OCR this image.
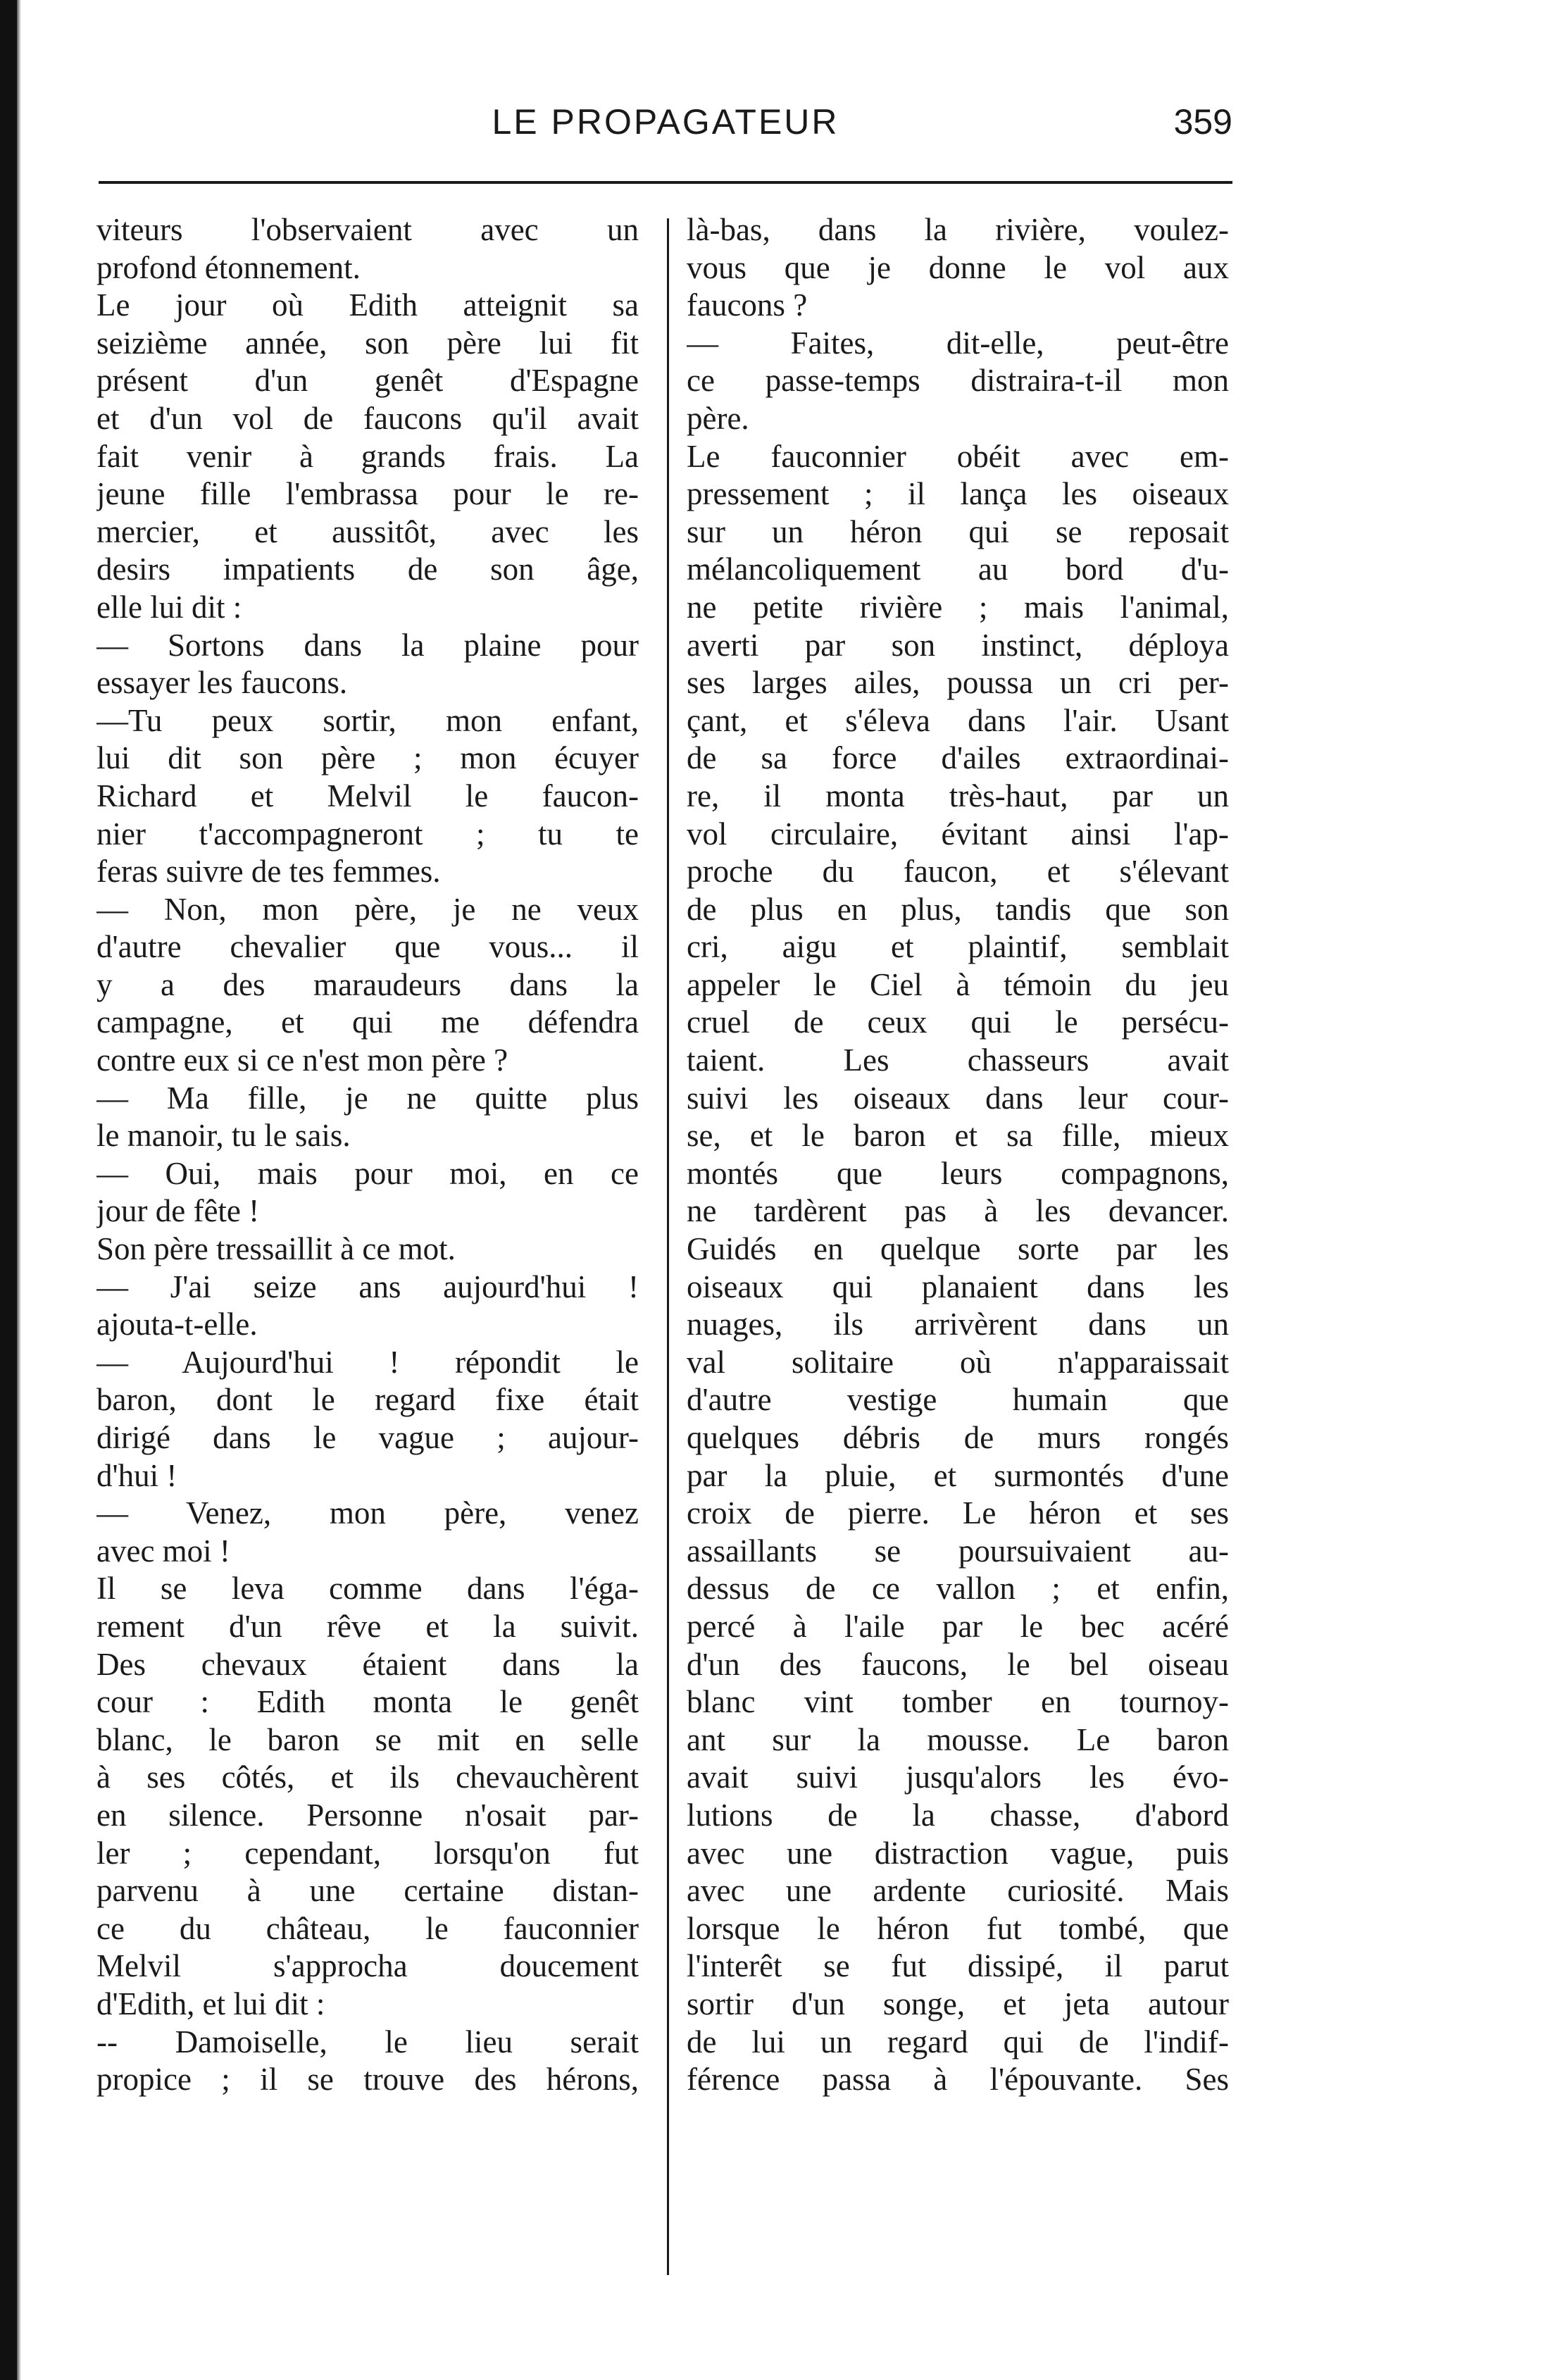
LE PROPAGATEUR	359
viteurs l'observaient avec un
profond étonnement.
Le jour où Edith atteignit sa
seizième année, son père lui fit
présent d'un genêt d'Espagne
et d'un vol de faucons qu'il avait
fait venir à grands frais. La
jeune fille l'embrassa pour le re-
mercier, et aussitôt, avec les
desirs impatients de son âge,
elle lui dit :
— Sortons dans la plaine pour
essayer les faucons.
—Tu peux sortir, mon enfant,
lui dit son père ; mon écuyer
Richard et Melvil le faucon-
nier t'accompagneront ; tu te
feras suivre de tes femmes.
— Non, mon père, je ne veux
d'autre chevalier que vous... il
y a des maraudeurs dans la
campagne, et qui me défendra
contre eux si ce n'est mon père ?
— Ma fille, je ne quitte plus
le manoir, tu le sais.
— Oui, mais pour moi, en ce
jour de fête !
Son père tressaillit à ce mot.
— J'ai seize ans aujourd'hui !
ajouta-t-elle.
— Aujourd'hui ! répondit le
baron, dont le regard fixe était
dirigé dans le vague ; aujour-
d'hui !
— Venez, mon père, venez
avec moi !
Il se leva comme dans l'éga-
rement d'un rêve et la suivit.
Des chevaux étaient dans la
cour : Edith monta le genêt
blanc, le baron se mit en selle
à ses côtés, et ils chevauchèrent
en silence. Personne n'osait par-
ler ; cependant, lorsqu'on fut
parvenu à une certaine distan-
ce du château, le fauconnier
Melvil s'approcha doucement
d'Edith, et lui dit :
-- Damoiselle, le lieu serait
propice ; il se trouve des hérons,
là-bas, dans la rivière, voulez-
vous que je donne le vol aux
faucons ?
— Faites, dit-elle, peut-être
ce passe-temps distraira-t-il mon
père.
Le fauconnier obéit avec em-
pressement ; il lança les oiseaux
sur un héron qui se reposait
mélancoliquement au bord d'u-
ne petite rivière ; mais l'animal,
averti par son instinct, déploya
ses larges ailes, poussa un cri per-
çant, et s'éleva dans l'air. Usant
de sa force d'ailes extraordinai-
re, il monta très-haut, par un
vol circulaire, évitant ainsi l'ap-
proche du faucon, et s'élevant
de plus en plus, tandis que son
cri, aigu et plaintif, semblait
appeler le Ciel à témoin du jeu
cruel de ceux qui le persécu-
taient. Les chasseurs avait
suivi les oiseaux dans leur cour-
se, et le baron et sa fille, mieux
montés que leurs compagnons,
ne tardèrent pas à les devancer.
Guidés en quelque sorte par les
oiseaux qui planaient dans les
nuages, ils arrivèrent dans un
val solitaire où n'apparaissait
d'autre vestige humain que
quelques débris de murs rongés
par la pluie, et surmontés d'une
croix de pierre. Le héron et ses
assaillants se poursuivaient au-
dessus de ce vallon ; et enfin,
percé à l'aile par le bec acéré
d'un des faucons, le bel oiseau
blanc vint tomber en tournoy-
ant sur la mousse. Le baron
avait suivi jusqu'alors les évo-
lutions de la chasse, d'abord
avec une distraction vague, puis
avec une ardente curiosité. Mais
lorsque le héron fut tombé, que
l'interêt se fut dissipé, il parut
sortir d'un songe, et jeta autour
de lui un regard qui de l'indif-
férence passa à l'épouvante. Ses
